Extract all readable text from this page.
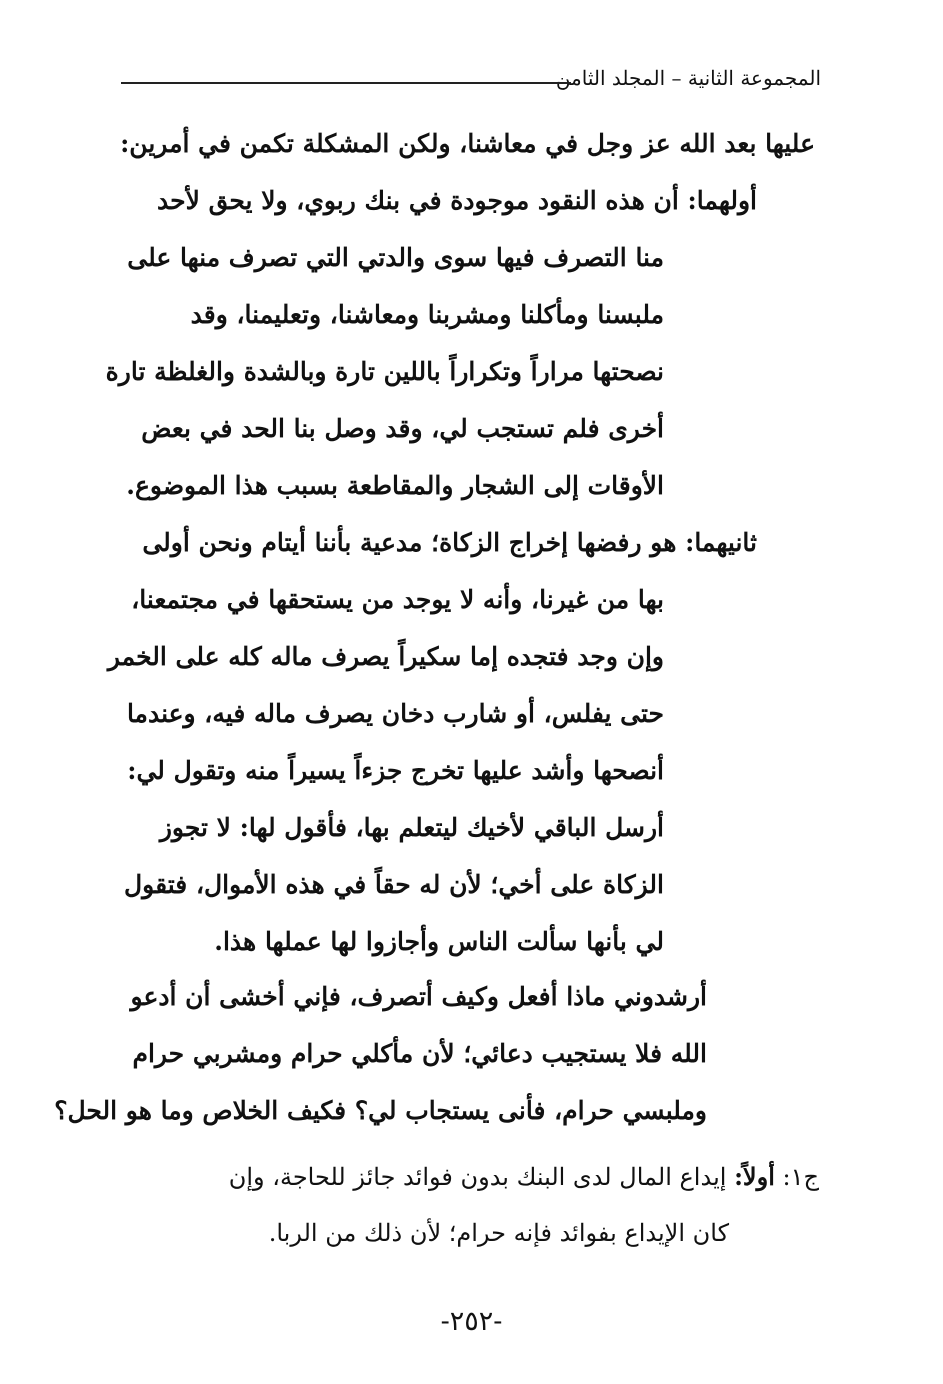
المجموعة الثانية – المجلد الثامن
عليها بعد الله عز وجل في معاشنا، ولكن المشكلة تكمن في أمرين:
أولهما: أن هذه النقود موجودة في بنك ربوي، ولا يحق لأحد
منا التصرف فيها سوى والدتي التي تصرف منها على
ملبسنا ومأكلنا ومشربنا ومعاشنا، وتعليمنا، وقد
نصحتها مراراً وتكراراً باللين تارة وبالشدة والغلظة تارة
أخرى فلم تستجب لي، وقد وصل بنا الحد في بعض
الأوقات إلى الشجار والمقاطعة بسبب هذا الموضوع.
ثانيهما: هو رفضها إخراج الزكاة؛ مدعية بأننا أيتام ونحن أولى
بها من غيرنا، وأنه لا يوجد من يستحقها في مجتمعنا،
وإن وجد فتجده إما سكيراً يصرف ماله كله على الخمر
حتى يفلس، أو شارب دخان يصرف ماله فيه، وعندما
أنصحها وأشد عليها تخرج جزءاً يسيراً منه وتقول لي:
أرسل الباقي لأخيك ليتعلم بها، فأقول لها: لا تجوز
الزكاة على أخي؛ لأن له حقاً في هذه الأموال، فتقول
لي بأنها سألت الناس وأجازوا لها عملها هذا.
أرشدوني ماذا أفعل وكيف أتصرف، فإني أخشى أن أدعو
الله فلا يستجيب دعائي؛ لأن مأكلي حرام ومشربي حرام
وملبسي حرام، فأنى يستجاب لي؟ فكيف الخلاص وما هو الحل؟
ج١: أولاً: إيداع المال لدى البنك بدون فوائد جائز للحاجة، وإن
كان الإيداع بفوائد فإنه حرام؛ لأن ذلك من الربا.
-٢٥٢-
